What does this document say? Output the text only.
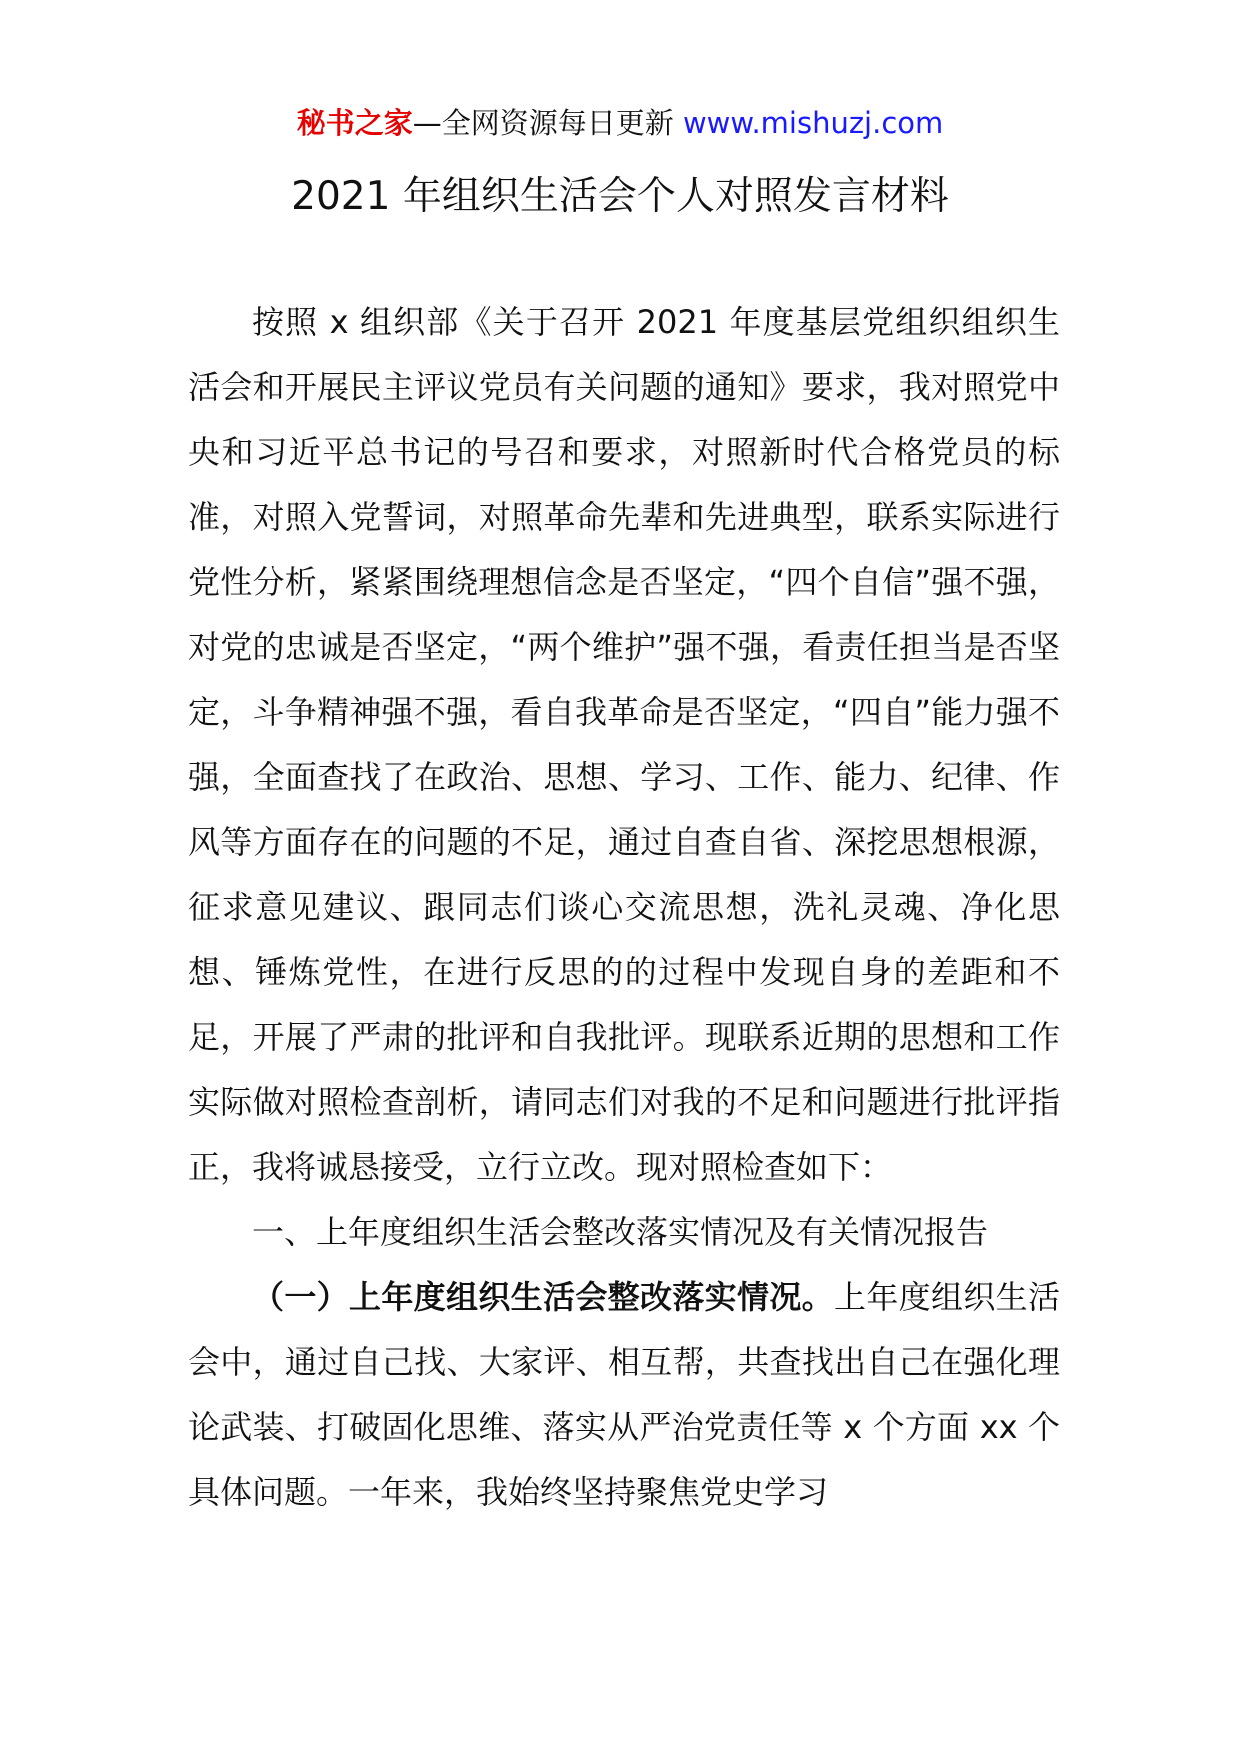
秘书之家—全网资源每日更新 www.mishuzj.com
2021 年组织生活会个人对照发言材料

按照 x 组织部《关于召开 2021 年度基层党组织组织生活会和开展民主评议党员有关问题的通知》要求，我对照党中央和习近平总书记的号召和要求，对照新时代合格党员的标准，对照入党誓词，对照革命先辈和先进典型，联系实际进行党性分析，紧紧围绕理想信念是否坚定，“四个自信”强不强，对党的忠诚是否坚定，“两个维护”强不强，看责任担当是否坚定，斗争精神强不强，看自我革命是否坚定，“四自”能力强不强，全面查找了在政治、思想、学习、工作、能力、纪律、作风等方面存在的问题的不足，通过自查自省、深挖思想根源，征求意见建议、跟同志们谈心交流思想，洗礼灵魂、净化思想、锤炼党性，在进行反思的的过程中发现自身的差距和不足，开展了严肃的批评和自我批评。现联系近期的思想和工作实际做对照检查剖析，请同志们对我的不足和问题进行批评指正，我将诚恳接受，立行立改。现对照检查如下：

一、上年度组织生活会整改落实情况及有关情况报告

（一）上年度组织生活会整改落实情况。上年度组织生活会中，通过自己找、大家评、相互帮，共查找出自己在强化理论武装、打破固化思维、落实从严治党责任等 x 个方面 xx 个具体问题。一年来，我始终坚持聚焦党史学习
